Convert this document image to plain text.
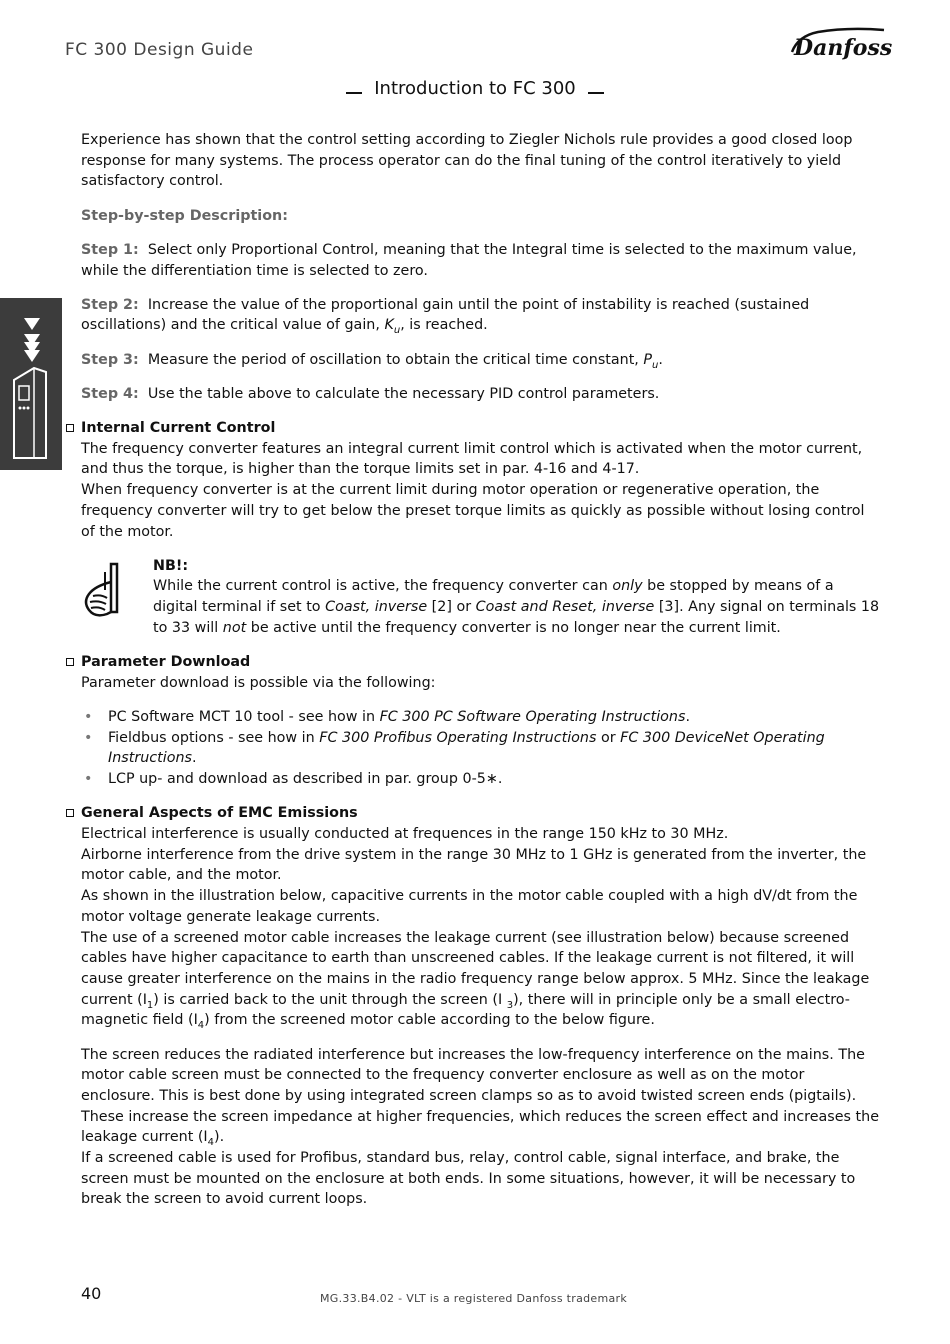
FC 300 Design Guide	Danfoss
Introduction to FC 300

Experience has shown that the control setting according to Ziegler Nichols rule provides a good closed loop response for many systems. The process operator can do the final tuning of the control iteratively to yield satisfactory control.

Step-by-step Description:

Step 1: Select only Proportional Control, meaning that the Integral time is selected to the maximum value, while the differentiation time is selected to zero.

Step 2: Increase the value of the proportional gain until the point of instability is reached (sustained oscillations) and the critical value of gain, $K_u$, is reached.

Step 3: Measure the period of oscillation to obtain the critical time constant, $P_u$.

Step 4: Use the table above to calculate the necessary PID control parameters.

Internal Current Control

The frequency converter features an integral current limit control which is activated when the motor current, and thus the torque, is higher than the torque limits set in par. 4-16 and 4-17.

When frequency converter is at the current limit during motor operation or regenerative operation, the frequency converter will try to get below the preset torque limits as quickly as possible without losing control of the motor.

NB!:

While the current control is active, the frequency converter can only be stopped by means of a digital terminal if set to Coast, inverse [2] or Coast and Reset, inverse [3]. Any signal on terminals 18 to 33 will not be active until the frequency converter is no longer near the current limit.

Parameter Download

Parameter download is possible via the following:

• PC Software MCT 10 tool - see how in FC 300 PC Software Operating Instructions.
• Fieldbus options - see how in FC 300 Profibus Operating Instructions or FC 300 DeviceNet Operating Instructions.
• LCP up- and download as described in par. group 0-5∗.

General Aspects of EMC Emissions

Electrical interference is usually conducted at frequences in the range 150 kHz to 30 MHz.

Airborne interference from the drive system in the range 30 MHz to 1 GHz is generated from the inverter, the motor cable, and the motor.

As shown in the illustration below, capacitive currents in the motor cable coupled with a high dV/dt from the motor voltage generate leakage currents.

The use of a screened motor cable increases the leakage current (see illustration below) because screened cables have higher capacitance to earth than unscreened cables. If the leakage current is not filtered, it will cause greater interference on the mains in the radio frequency range below approx. 5 MHz. Since the leakage current $(I_1)$ is carried back to the unit through the screen (I $_3$), there will in principle only be a small electro-magnetic field $(I_4)$ from the screened motor cable according to the below figure.

The screen reduces the radiated interference but increases the low-frequency interference on the mains. The motor cable screen must be connected to the frequency converter enclosure as well as on the motor enclosure. This is best done by using integrated screen clamps so as to avoid twisted screen ends (pigtails). These increase the screen impedance at higher frequencies, which reduces the screen effect and increases the leakage current $(I_4)$.

If a screened cable is used for Profibus, standard bus, relay, control cable, signal interface, and brake, the screen must be mounted on the enclosure at both ends. In some situations, however, it will be necessary to break the screen to avoid current loops.

40	MG.33.B4.02 - VLT is a registered Danfoss trademark
